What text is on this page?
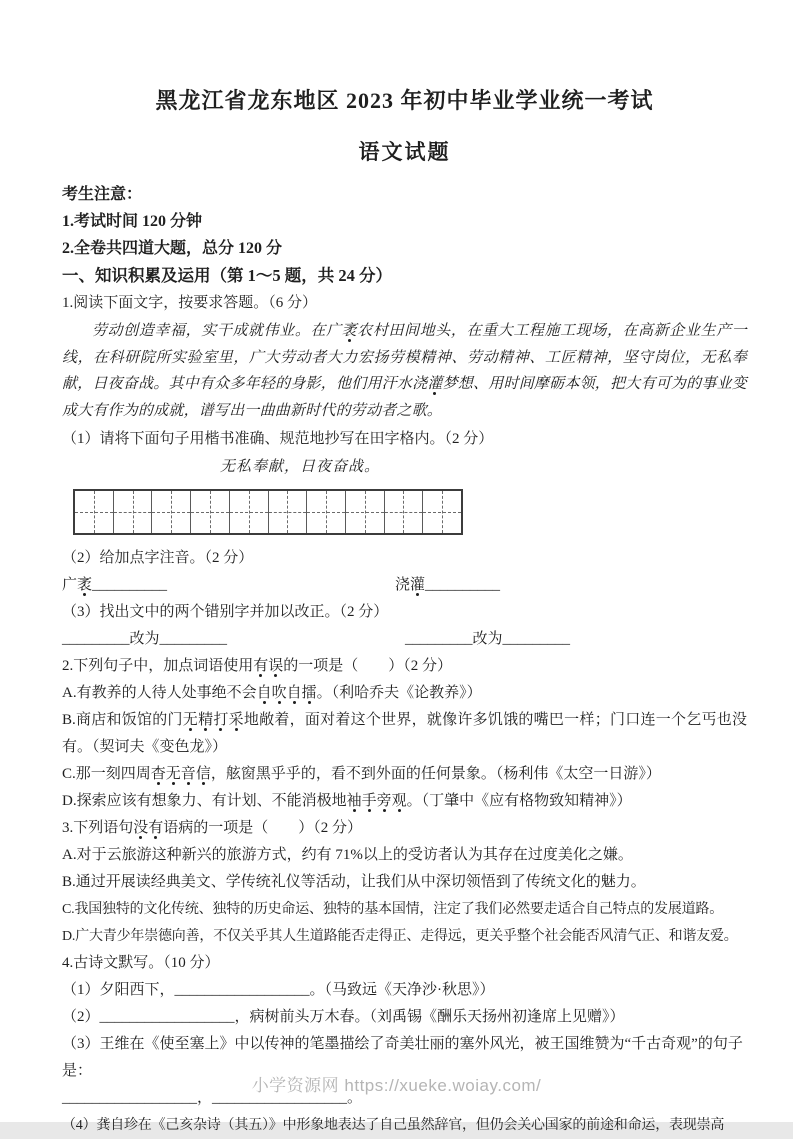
黑龙江省龙东地区 2023 年初中毕业学业统一考试
语文试题
考生注意：
1.考试时间 120 分钟
2.全卷共四道大题，总分 120 分
一、知识积累及运用（第 1～5 题，共 24 分）
1.阅读下面文字，按要求答题。（6 分）

劳动创造幸福，实干成就伟业。在广袤农村田间地头，在重大工程施工现场，在高新企业生产一线，在科研院所实验室里，广大劳动者大力宏扬劳模精神、劳动精神、工匠精神，坚守岗位，无私奉献，日夜奋战。其中有众多年轻的身影，他们用汗水浇灌梦想、用时间摩砺本领，把大有可为的事业变成大有作为的成就，谱写出一曲曲新时代的劳动者之歌。

（1）请将下面句子用楷书准确、规范地抄写在田字格内。（2 分）
无私奉献，日夜奋战。
（2）给加点字注音。（2 分）
广袤__________	浇灌__________
（3）找出文中的两个错别字并加以改正。（2 分）
_________改为_________	_________改为_________
2.下列句子中，加点词语使用有误的一项是（　　）（2 分）
A.有教养的人待人处事绝不会自吹自擂。（利哈乔夫《论教养》）
B.商店和饭馆的门无精打采地敞着，面对着这个世界，就像许多饥饿的嘴巴一样；门口连一个乞丐也没有。（契诃夫《变色龙》）
C.那一刻四周杳无音信，舷窗黑乎乎的，看不到外面的任何景象。（杨利伟《太空一日游》）
D.探索应该有想象力、有计划、不能消极地袖手旁观。（丁肇中《应有格物致知精神》）
3.下列语句没有语病的一项是（　　）（2 分）
A.对于云旅游这种新兴的旅游方式，约有 71%以上的受访者认为其存在过度美化之嫌。
B.通过开展读经典美文、学传统礼仪等活动，让我们从中深切领悟到了传统文化的魅力。
C.我国独特的文化传统、独特的历史命运、独特的基本国情，注定了我们必然要走适合自己特点的发展道路。
D.广大青少年崇德向善，不仅关乎其人生道路能否走得正、走得远，更关乎整个社会能否风清气正、和谐友爱。
4.古诗文默写。（10 分）
（1）夕阳西下，__________________。（马致远《天净沙·秋思》）
（2）__________________，病树前头万木春。（刘禹锡《酬乐天扬州初逢席上见赠》）
（3）王维在《使至塞上》中以传神的笔墨描绘了奇美壮丽的塞外风光，被王国维赞为“千古奇观”的句子是：
__________________，__________________。
（4）龚自珍在《己亥杂诗（其五）》中形象地表达了自己虽然辞官，但仍会关心国家的前途和命运，表现崇高
小学资源网 https://xueke.woiay.com/
